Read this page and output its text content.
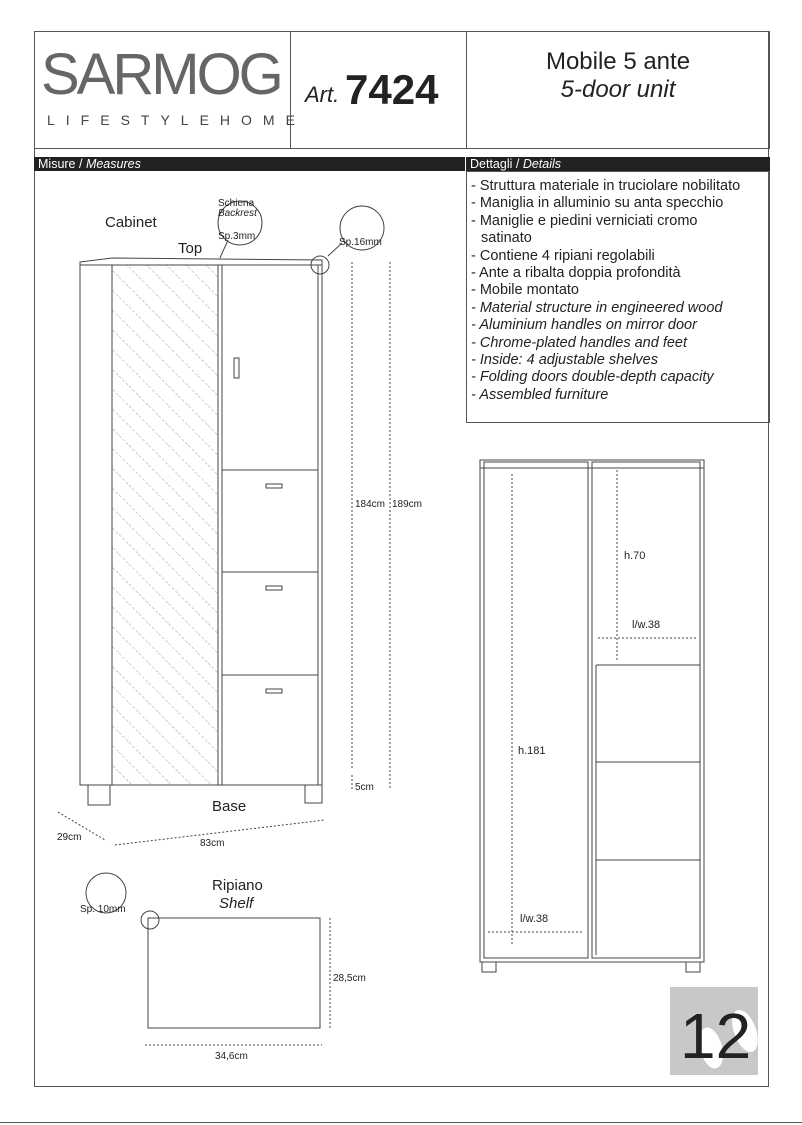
SARMOG
LIFESTYLEHOME
Art. 7424
Mobile 5 ante
5-door unit
Misure / Measures	Dettagli / Details
- Struttura materiale in truciolare nobilitato
- Maniglia in alluminio su anta specchio
- Maniglie e piedini verniciati cromo
satinato
- Contiene 4 ripiani regolabili
- Ante a ribalta doppia profondità
- Mobile montato
- Material structure in engineered wood
- Aluminium handles on mirror door
- Chrome-plated handles and feet
- Inside: 4 adjustable shelves
- Folding doors double-depth capacity
- Assembled furniture
Cabinet
Top
Base
Schiena
Backrest
Sp.3mm
Sp.16mm
184cm 189cm
5cm
29cm
83cm
Ripiano
Shelf
Sp. 10mm
28,5cm
34,6cm
h.70
l/w.38
h.181
l/w.38
12
